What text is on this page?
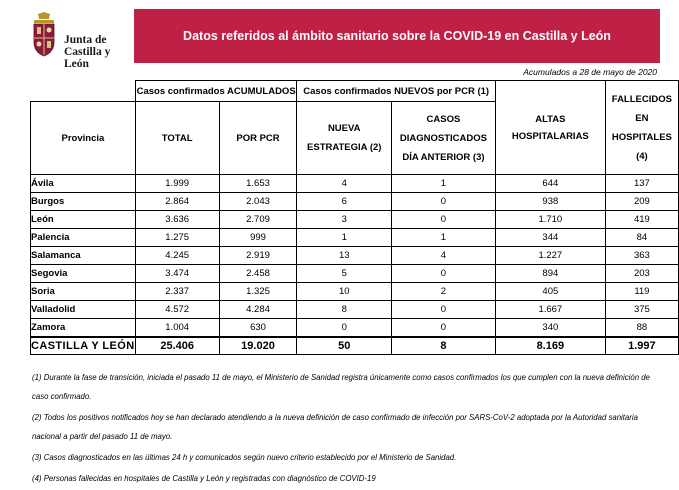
Junta de
Castilla y León
Datos referidos al ámbito sanitario sobre la COVID-19 en Castilla y León
Acumulados a 28 de mayo de 2020
	Casos confirmados ACUMULADOS		Casos confirmados NUEVOS por PCR (1)		ALTAS HOSPITALARIAS	FALLECIDOS EN HOSPITALES (4)
Provincia	TOTAL	POR PCR	NUEVA ESTRATEGIA (2)	CASOS DIAGNOSTICADOS DÍA ANTERIOR (3)		
Ávila	1.999	1.653	4	1	644	137
Burgos	2.864	2.043	6	0	938	209
León	3.636	2.709	3	0	1.710	419
Palencia	1.275	999	1	1	344	84
Salamanca	4.245	2.919	13	4	1.227	363
Segovia	3.474	2.458	5	0	894	203
Soria	2.337	1.325	10	2	405	119
Valladolid	4.572	4.284	8	0	1.667	375
Zamora	1.004	630	0	0	340	88
CASTILLA Y LEÓN	25.406	19.020	50	8	8.169	1.997

(1) Durante la fase de transición, iniciada el pasado 11 de mayo, el Ministerio de Sanidad registra únicamente como casos confirmados los que cumplen con la nueva definición de caso confirmado.

(2) Todos los positivos notificados hoy se han declarado atendiendo a la nueva definición de caso confirmado de infección por SARS-CoV-2 adoptada por la Autoridad sanitaria nacional a partir del pasado 11 de mayo.

(3) Casos diagnosticados en las últimas 24 h y comunicados según nuevo criterio establecido por el Ministerio de Sanidad.

(4) Personas fallecidas en hospitales de Castilla y León y registradas con diagnóstico de COVID-19
